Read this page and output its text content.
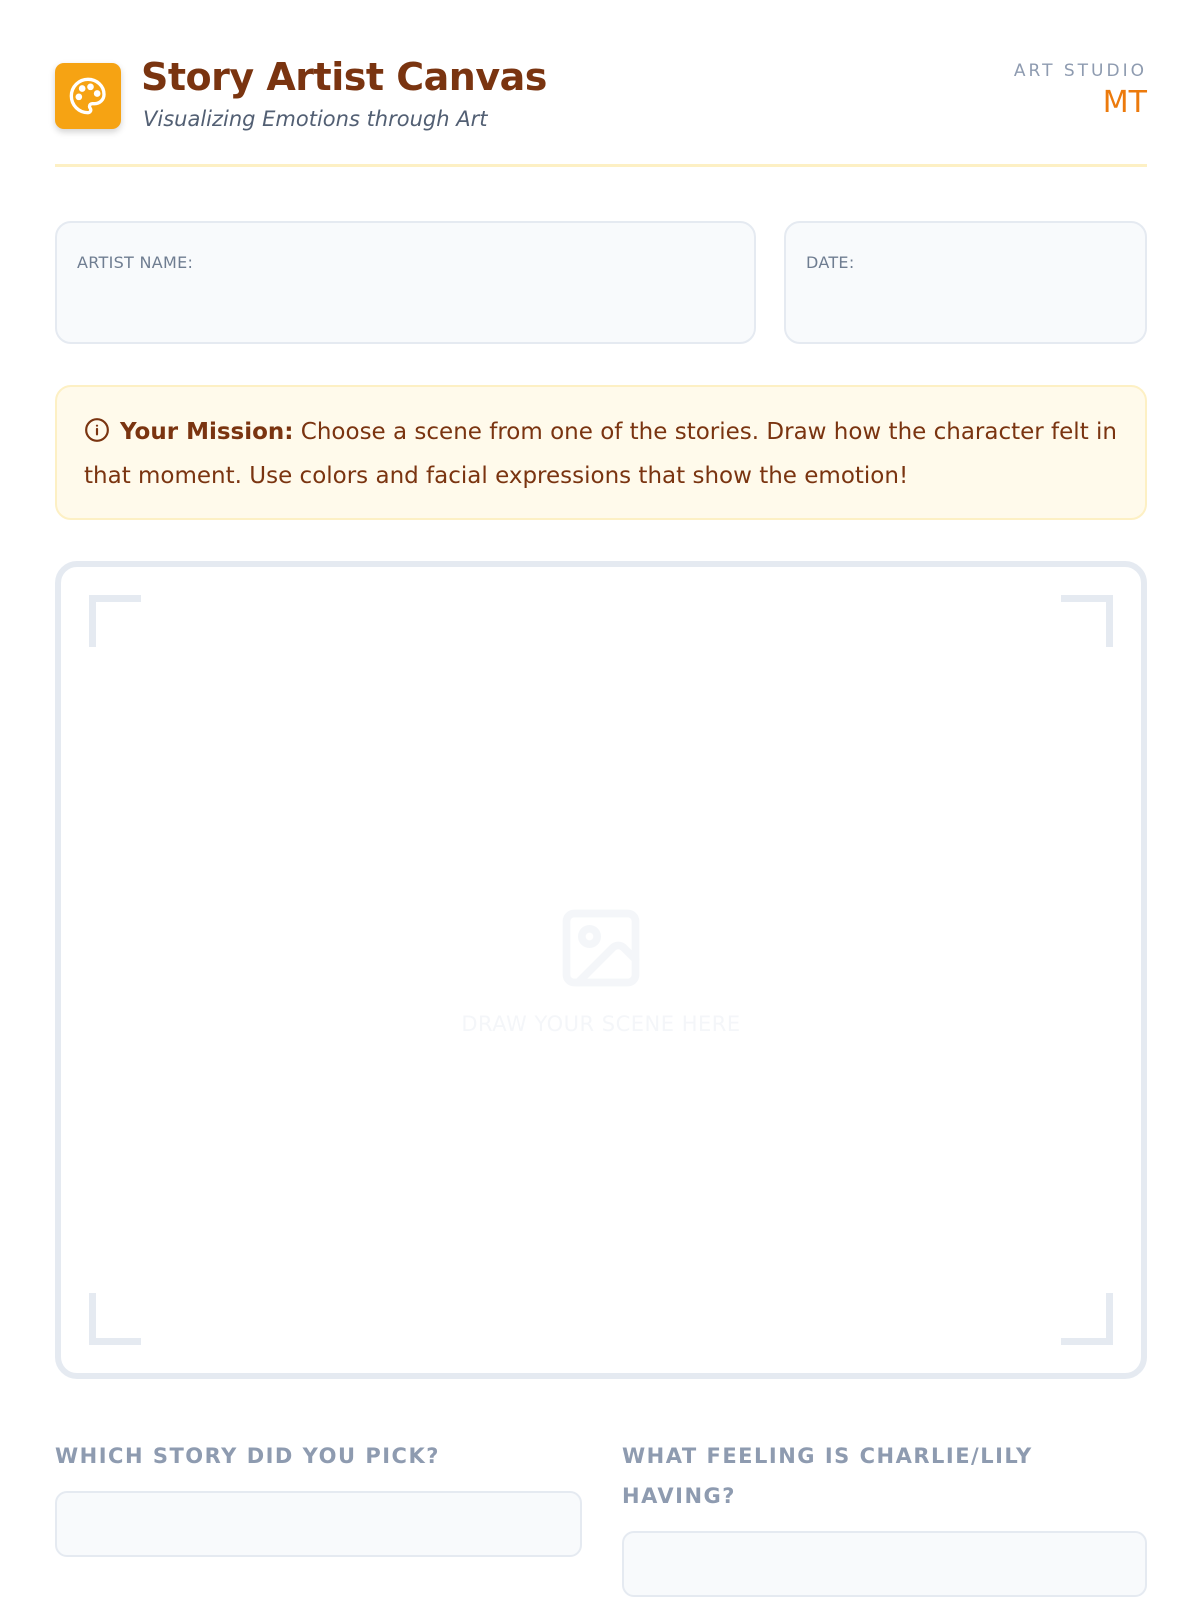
Story Artist Canvas
Visualizing Emotions through Art
ART STUDIO
MT
ARTIST NAME:	DATE:
Your Mission: Choose a scene from one of the stories. Draw how the character felt in that moment. Use colors and facial expressions that show the emotion!
DRAW YOUR SCENE HERE
WHICH STORY DID YOU PICK?	WHAT FEELING IS CHARLIE/LILY HAVING?
